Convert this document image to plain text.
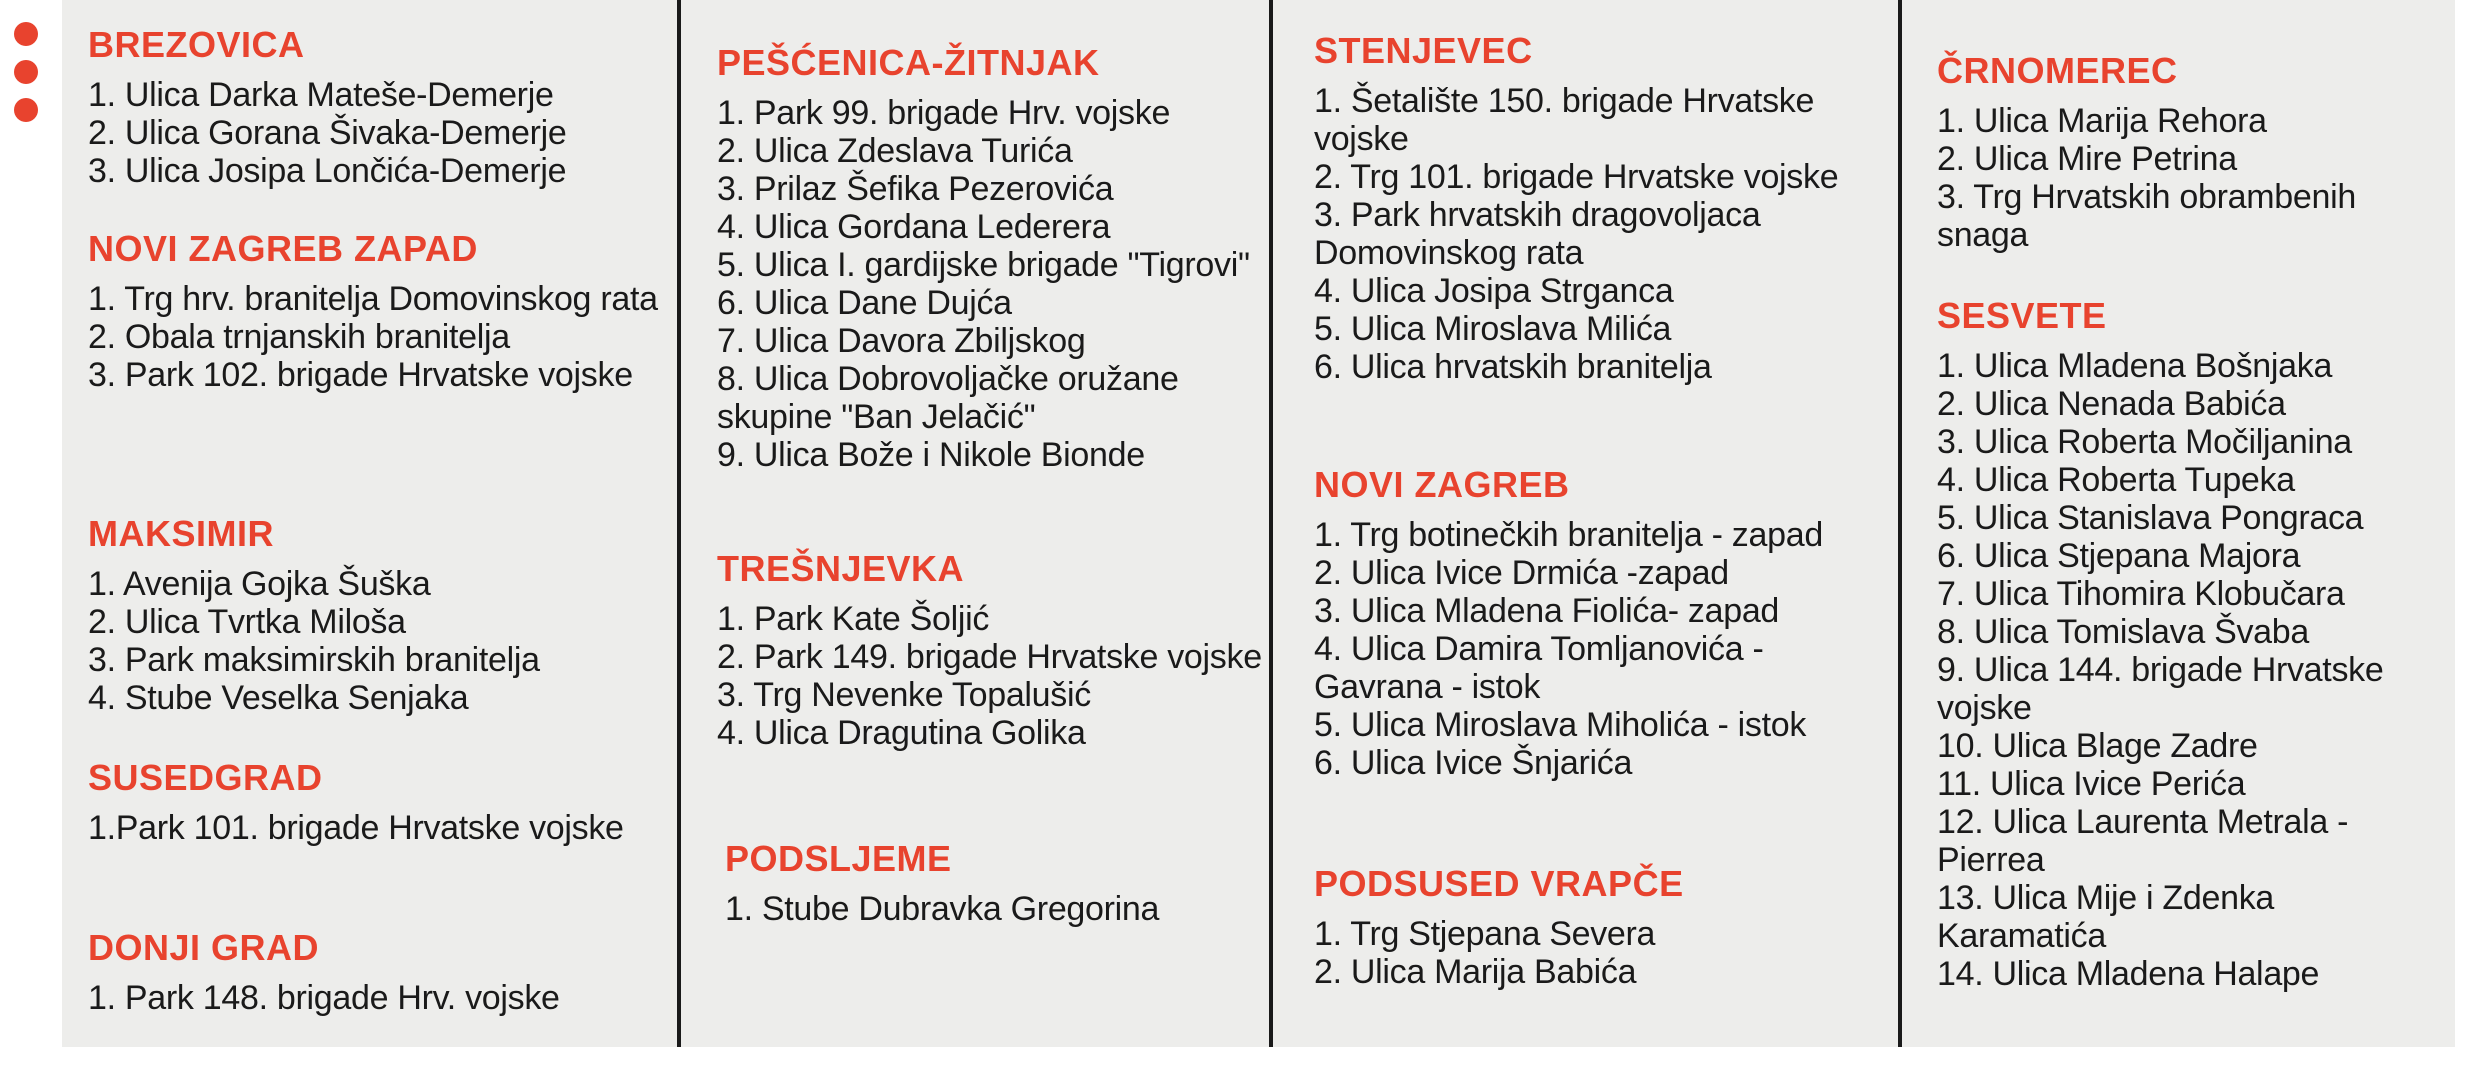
BREZOVICA
1. Ulica Darka Mateše-Demerje
2. Ulica Gorana Šivaka-Demerje
3. Ulica Josipa Lončića-Demerje
NOVI ZAGREB ZAPAD
1. Trg hrv. branitelja Domovinskog rata
2. Obala trnjanskih branitelja
3. Park 102. brigade Hrvatske vojske
MAKSIMIR
1. Avenija Gojka Šuška
2. Ulica Tvrtka Miloša
3. Park maksimirskih branitelja
4. Stube Veselka Senjaka
SUSEDGRAD
1.Park 101. brigade Hrvatske vojske
DONJI GRAD
1. Park 148. brigade Hrv. vojske
PEŠĆENICA-ŽITNJAK
1. Park 99. brigade Hrv. vojske
2. Ulica Zdeslava Turića
3. Prilaz Šefika Pezerovića
4. Ulica Gordana Lederera
5. Ulica I. gardijske brigade "Tigrovi"
6. Ulica Dane Dujća
7. Ulica Davora Zbiljskog
8. Ulica Dobrovoljačke oružane skupine "Ban Jelačić"
9. Ulica Bože i Nikole Bionde
TREŠNJEVKA
1. Park Kate Šoljić
2. Park 149. brigade Hrvatske vojske
3. Trg Nevenke Topalušić
4. Ulica Dragutina Golika
PODSLJEME
1. Stube Dubravka Gregorina
STENJEVEC
1. Šetalište 150. brigade Hrvatske vojske
2. Trg 101. brigade Hrvatske vojske
3. Park hrvatskih dragovoljaca Domovinskog rata
4. Ulica Josipa Strganca
5. Ulica Miroslava Milića
6. Ulica hrvatskih branitelja
NOVI ZAGREB
1. Trg botinečkih branitelja - zapad
2. Ulica Ivice Drmića -zapad
3. Ulica Mladena Fiolića- zapad
4. Ulica Damira Tomljanovića - Gavrana - istok
5. Ulica Miroslava Miholića - istok
6. Ulica Ivice Šnjarića
PODSUSED VRAPČE
1. Trg Stjepana Severa
2. Ulica Marija Babića
ČRNOMEREC
1. Ulica Marija Rehora
2. Ulica Mire Petrina
3. Trg Hrvatskih obrambenih snaga
SESVETE
1. Ulica Mladena Bošnjaka
2. Ulica Nenada Babića
3. Ulica Roberta Močiljanina
4. Ulica Roberta Tupeka
5. Ulica Stanislava Pongraca
6. Ulica Stjepana Majora
7. Ulica Tihomira Klobučara
8. Ulica Tomislava Švaba
9. Ulica 144. brigade Hrvatske vojske
10. Ulica Blage Zadre
11. Ulica Ivice Perića
12. Ulica Laurenta Metrala - Pierrea
13. Ulica Mije i Zdenka Karamatića
14. Ulica Mladena Halape
